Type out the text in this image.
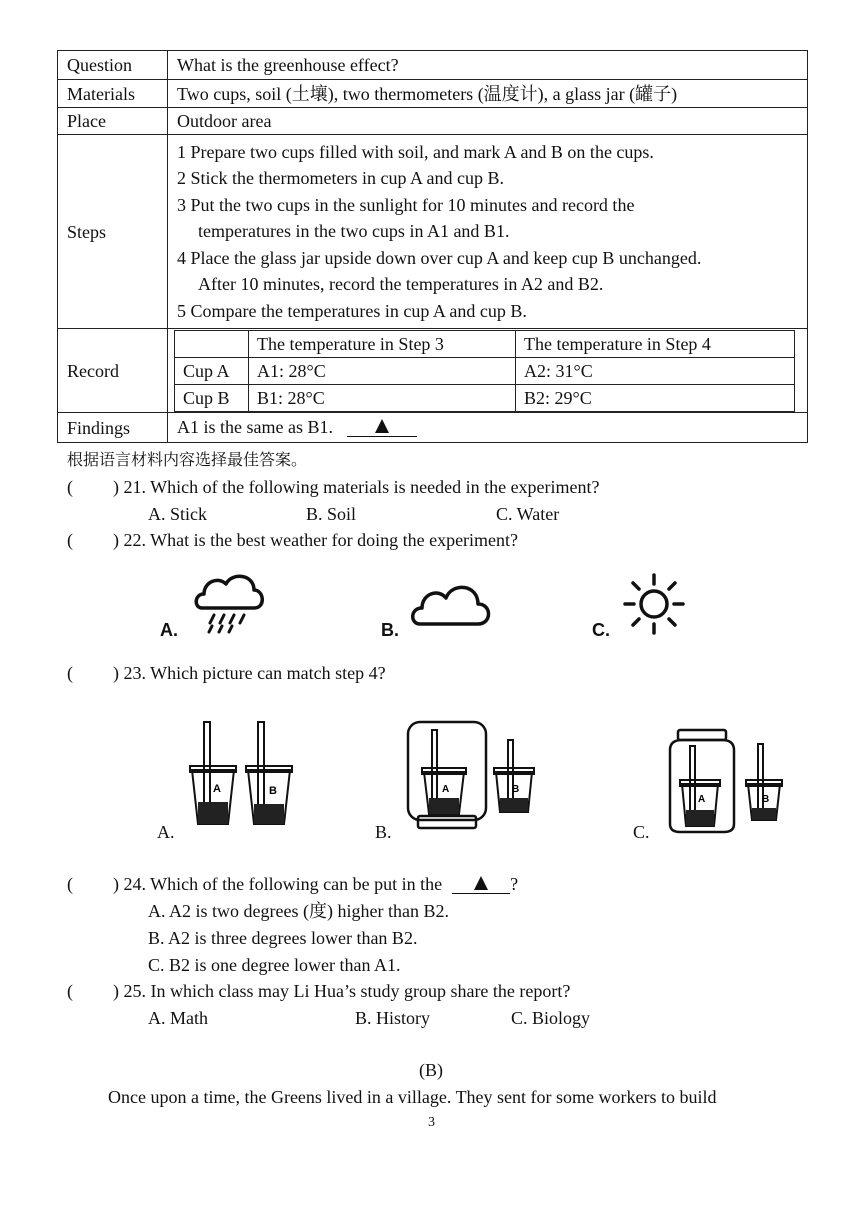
Question	What is the greenhouse effect?
Materials	Two cups, soil (土壤), two thermometers (温度计), a glass jar (罐子)
Place	Outdoor area
Steps	
1 Prepare two cups filled with soil, and mark A and B on the cups.
2 Stick the thermometers in cup A and cup B.
3 Put the two cups in the sunlight for 10 minutes and record the
temperatures in the two cups in A1 and B1.
4 Place the glass jar upside down over cup A and keep cup B unchanged.
After 10 minutes, record the temperatures in A2 and B2.
5 Compare the temperatures in cup A and cup B.

Record	
	The temperature in Step 3	The temperature in Step 4
Cup A	A1: 28°C	A2: 31°C
Cup B	B1: 28°C	B2: 29°C

Findings	A1 is the same as B1.
根据语言材料内容选择最佳答案。
( ) 21. Which of the following materials is needed in the experiment?
A. Stick	B. Soil	C. Water
( ) 22. What is the best weather for doing the experiment?
A.	B.	C.
( ) 23. Which picture can match step 4?
A.
A	B
B.
A	B
C.
A	B
( ) 24. Which of the following can be put in the	?
A. A2 is two degrees (度) higher than B2.
B. A2 is three degrees lower than B2.
C. B2 is one degree lower than A1.
( ) 25. In which class may Li Hua’s study group share the report?
A. Math	B. History	C. Biology
(B)
Once upon a time, the Greens lived in a village. They sent for some workers to build
3
